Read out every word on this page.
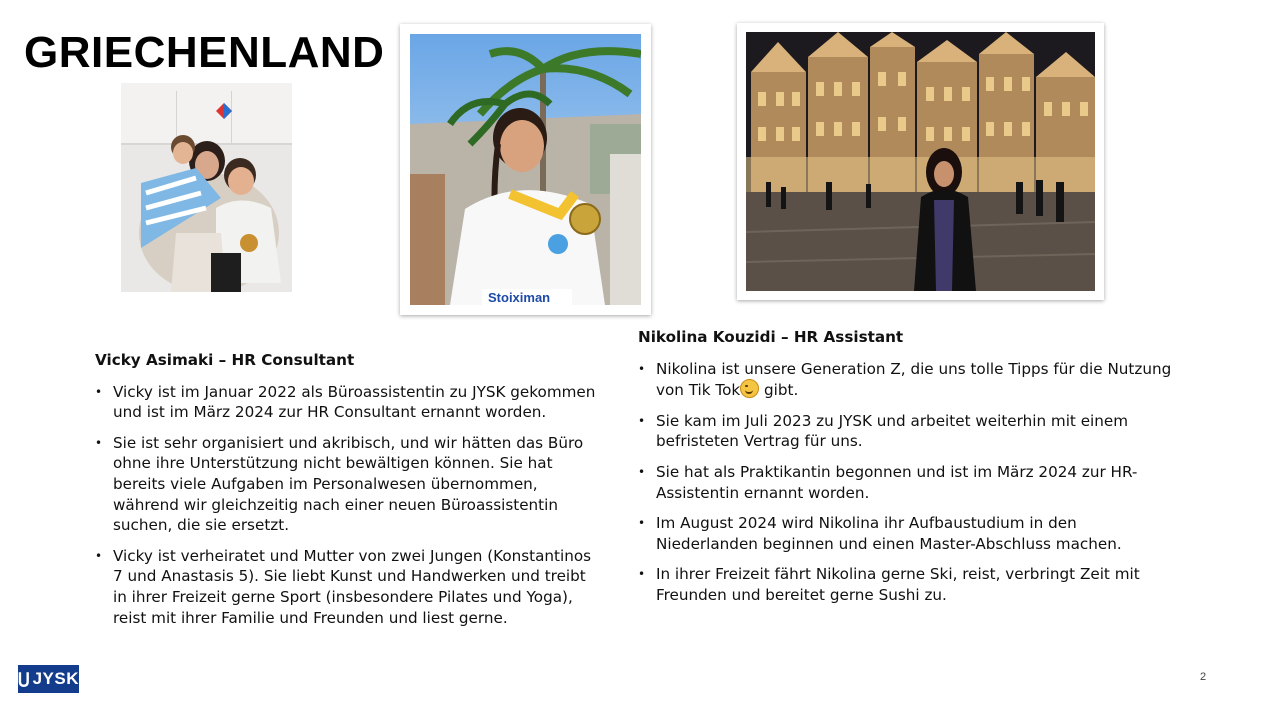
GRIECHENLAND
Stoiximan

Vicky Asimaki – HR Consultant

• Vicky ist im Januar 2022 als Büroassistentin zu JYSK gekommen und ist im März 2024 zur HR Consultant ernannt worden.
• Sie ist sehr organisiert und akribisch, und wir hätten das Büro ohne ihre Unterstützung nicht bewältigen können. Sie hat bereits viele Aufgaben im Personalwesen übernommen, während wir gleichzeitig nach einer neuen Büroassistentin suchen, die sie ersetzt.
• Vicky ist verheiratet und Mutter von zwei Jungen (Konstantinos 7 und Anastasis 5). Sie liebt Kunst und Handwerken und treibt in ihrer Freizeit gerne Sport (insbesondere Pilates und Yoga), reist mit ihrer Familie und Freunden und liest gerne.

Nikolina Kouzidi – HR Assistant

• Nikolina ist unsere Generation Z, die uns tolle Tipps für die Nutzung von Tik Tok gibt.
• Sie kam im Juli 2023 zu JYSK und arbeitet weiterhin mit einem befristeten Vertrag für uns.
• Sie hat als Praktikantin begonnen und ist im März 2024 zur HR-Assistentin ernannt worden.
• Im August 2024 wird Nikolina ihr Aufbaustudium in den Niederlanden beginnen und einen Master-Abschluss machen.
• In ihrer Freizeit fährt Nikolina gerne Ski, reist, verbringt Zeit mit Freunden und bereitet gerne Sushi zu.
JYSK	2
